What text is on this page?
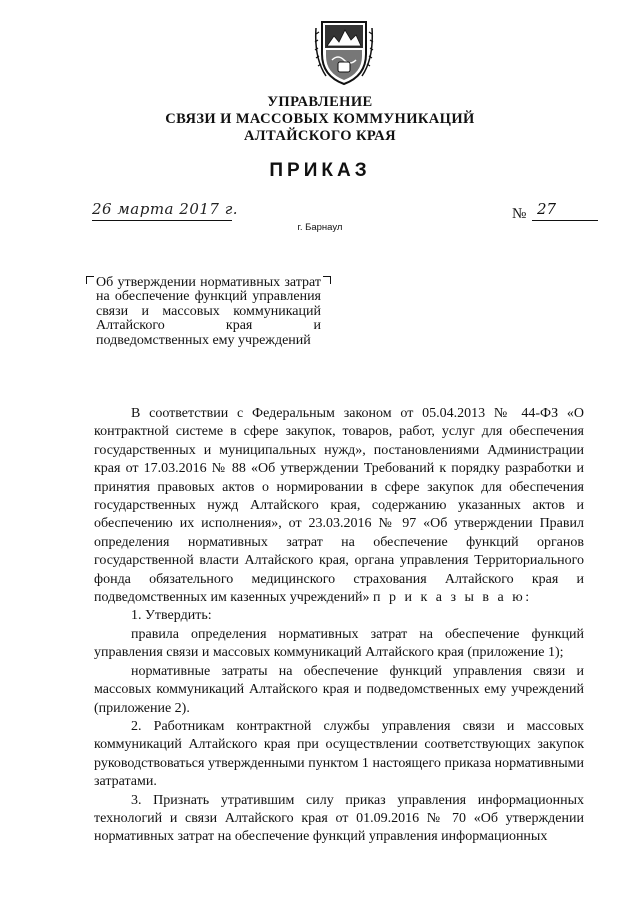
УПРАВЛЕНИЕ
СВЯЗИ И МАССОВЫХ КОММУНИКАЦИЙ
АЛТАЙСКОГО КРАЯ
ПРИКАЗ
26 марта 2017 г.	№ 27
г. Барнаул
Об утверждении нормативных затрат на обеспечение функций управления связи и массовых коммуникаций Алтайского края и подведомственных ему учреждений

В соответствии с Федеральным законом от 05.04.2013 № 44-ФЗ «О контрактной системе в сфере закупок, товаров, работ, услуг для обеспечения государственных и муниципальных нужд», постановлениями Администрации края от 17.03.2016 № 88 «Об утверждении Требований к порядку разработки и принятия правовых актов о нормировании в сфере закупок для обеспечения государственных нужд Алтайского края, содержанию указанных актов и обеспечению их исполнения», от 23.03.2016 № 97 «Об утверждении Правил определения нормативных затрат на обеспечение функций органов государственной власти Алтайского края, органа управления Территориального фонда обязательного медицинского страхования Алтайского края и подведомственных им казенных учреждений» п р и к а з ы в а ю:

1. Утвердить:

правила определения нормативных затрат на обеспечение функций управления связи и массовых коммуникаций Алтайского края (приложение 1);

нормативные затраты на обеспечение функций управления связи и массовых коммуникаций Алтайского края и подведомственных ему учреждений (приложение 2).

2. Работникам контрактной службы управления связи и массовых коммуникаций Алтайского края при осуществлении соответствующих закупок руководствоваться утвержденными пунктом 1 настоящего приказа нормативными затратами.

3. Признать утратившим силу приказ управления информационных технологий и связи Алтайского края от 01.09.2016 № 70 «Об утверждении нормативных затрат на обеспечение функций управления информационных
